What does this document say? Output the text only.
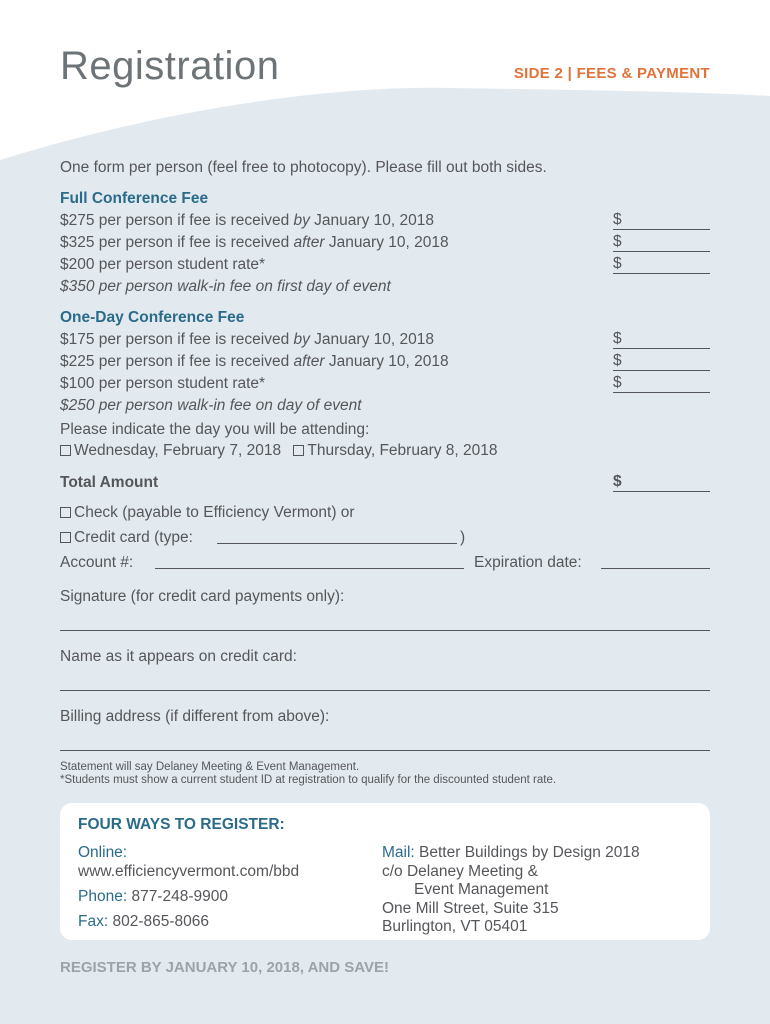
Registration	SIDE 2 | FEES & PAYMENT
One form per person (feel free to photocopy). Please fill out both sides.
Full Conference Fee
$275 per person if fee is received by January 10, 2018	$
$325 per person if fee is received after January 10, 2018	$
$200 per person student rate*	$
$350 per person walk-in fee on first day of event
One-Day Conference Fee
$175 per person if fee is received by January 10, 2018	$
$225 per person if fee is received after January 10, 2018	$
$100 per person student rate*	$
$250 per person walk-in fee on day of event
Please indicate the day you will be attending:
Wednesday, February 7, 2018 Thursday, February 8, 2018
Total Amount	$
Check (payable to Efficiency Vermont) or
Credit card (type:	)
Account #:	Expiration date:
Signature (for credit card payments only):
Name as it appears on credit card:
Billing address (if different from above):
Statement will say Delaney Meeting & Event Management.
*Students must show a current student ID at registration to qualify for the discounted student rate.
FOUR WAYS TO REGISTER:
Online:
www.efficiencyvermont.com/bbd
Phone: 877-248-9900
Fax: 802-865-8066
Mail: Better Buildings by Design 2018
c/o Delaney Meeting &
Event Management
One Mill Street, Suite 315
Burlington, VT 05401
REGISTER BY JANUARY 10, 2018, AND SAVE!
